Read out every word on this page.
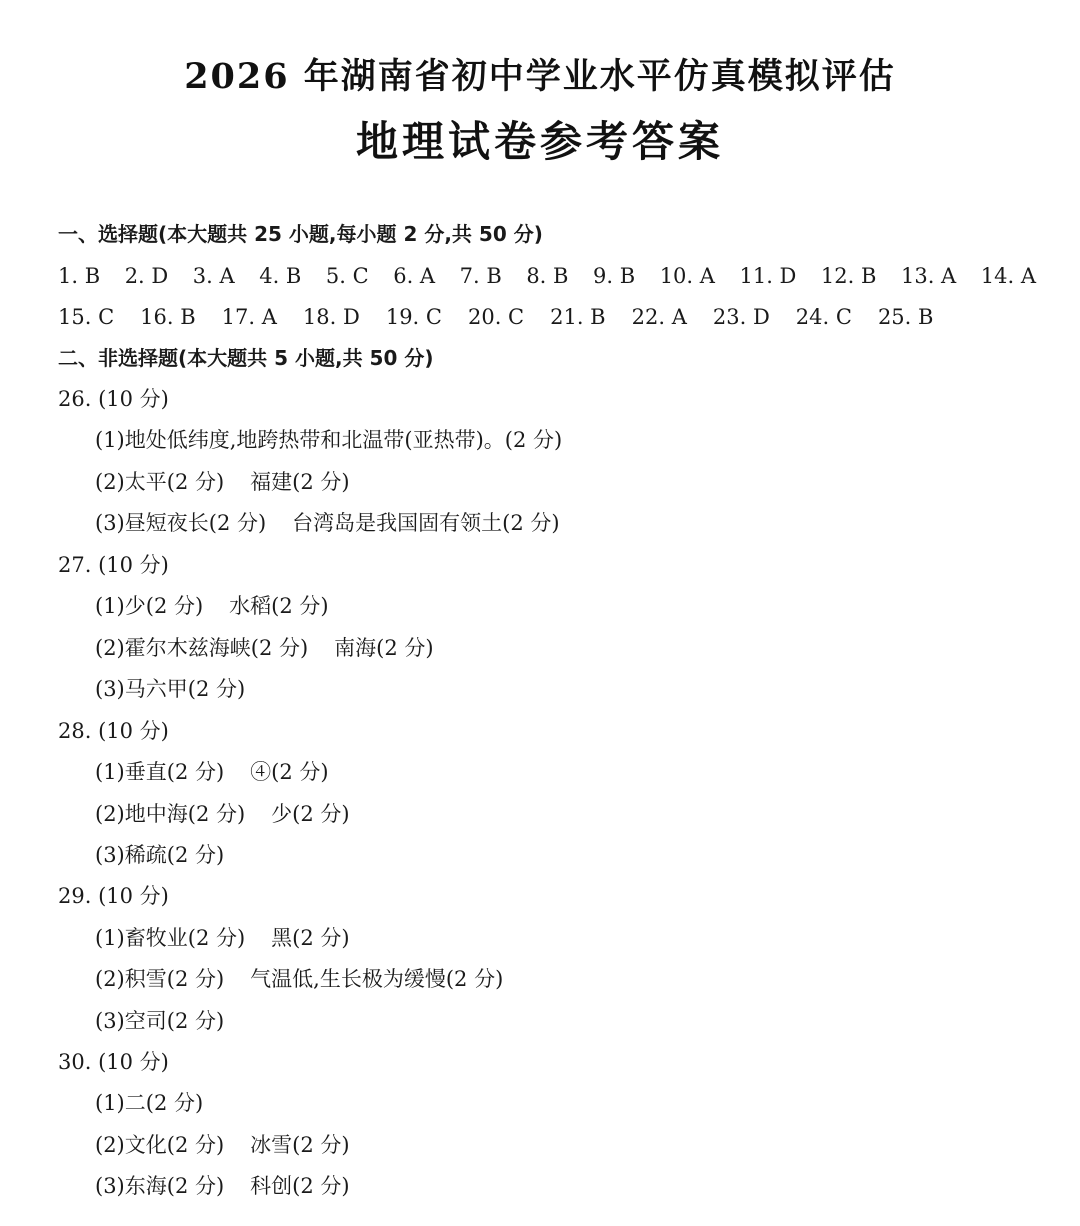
2026 年湖南省初中学业水平仿真模拟评估
地理试卷参考答案
一、选择题(本大题共 25 小题,每小题 2 分,共 50 分)
1. B 2. D 3. A 4. B 5. C 6. A 7. B 8. B 9. B 10. A 11. D 12. B 13. A 14. A
15. C 16. B 17. A 18. D 19. C 20. C 21. B 22. A 23. D 24. C 25. B
二、非选择题(本大题共 5 小题,共 50 分)
26. (10 分)
(1)地处低纬度,地跨热带和北温带(亚热带)。(2 分)
(2)太平(2 分) 福建(2 分)
(3)昼短夜长(2 分) 台湾岛是我国固有领土(2 分)
27. (10 分)
(1)少(2 分) 水稻(2 分)
(2)霍尔木兹海峡(2 分) 南海(2 分)
(3)马六甲(2 分)
28. (10 分)
(1)垂直(2 分) ④(2 分)
(2)地中海(2 分) 少(2 分)
(3)稀疏(2 分)
29. (10 分)
(1)畜牧业(2 分) 黑(2 分)
(2)积雪(2 分) 气温低,生长极为缓慢(2 分)
(3)空司(2 分)
30. (10 分)
(1)二(2 分)
(2)文化(2 分) 冰雪(2 分)
(3)东海(2 分) 科创(2 分)
